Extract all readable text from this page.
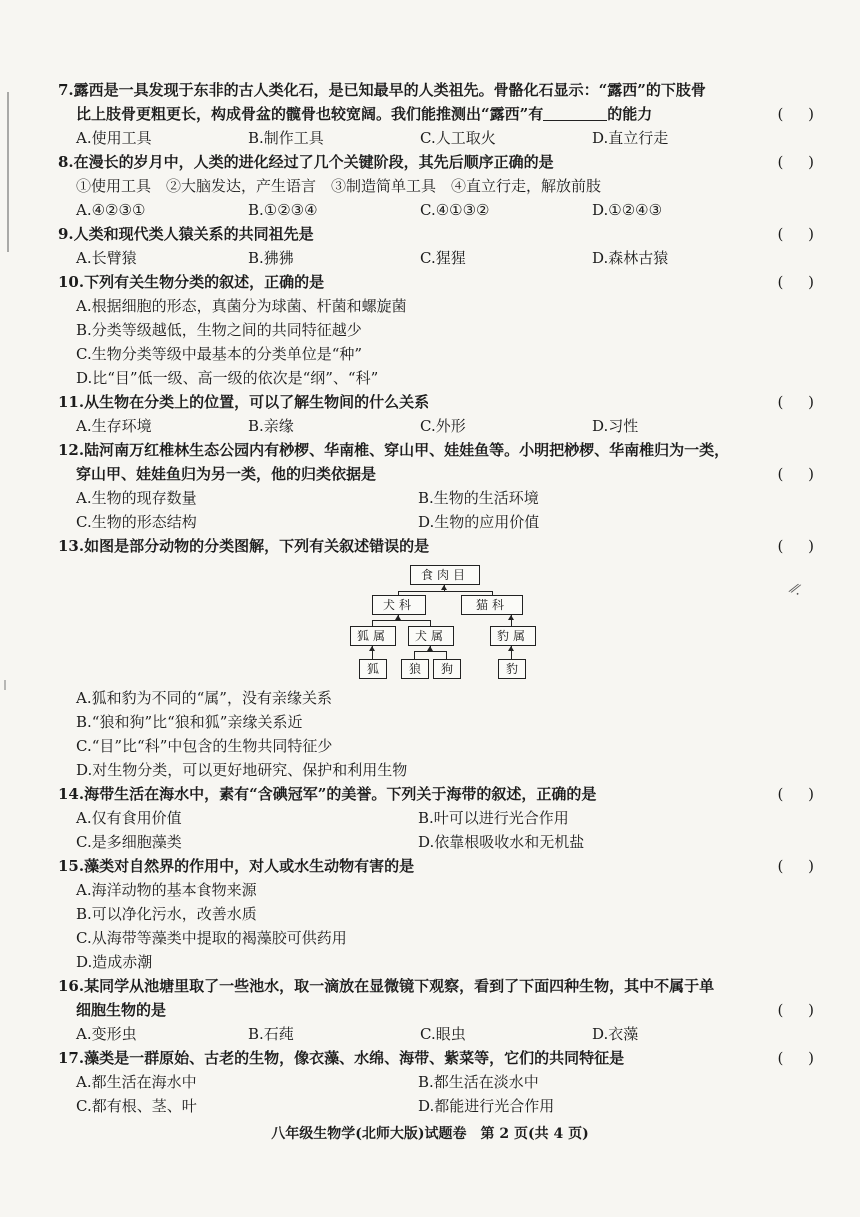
7.露西是一具发现于东非的古人类化石，是已知最早的人类祖先。骨骼化石显示：“露西”的下肢骨
比上肢骨更粗更长，构成骨盆的髋骨也较宽阔。我们能推测出“露西”有	的能力	( )
A.使用工具	B.制作工具	C.人工取火	D.直立行走
8.在漫长的岁月中，人类的进化经过了几个关键阶段，其先后顺序正确的是	( )
①使用工具　②大脑发达，产生语言　③制造简单工具　④直立行走，解放前肢
A.④②③①	B.①②③④	C.④①③②	D.①②④③
9.人类和现代类人猿关系的共同祖先是	( )
A.长臂猿	B.狒狒	C.猩猩	D.森林古猿
10.下列有关生物分类的叙述，正确的是	( )
A.根据细胞的形态，真菌分为球菌、杆菌和螺旋菌
B.分类等级越低，生物之间的共同特征越少
C.生物分类等级中最基本的分类单位是“种”
D.比“目”低一级、高一级的依次是“纲”、“科”
11.从生物在分类上的位置，可以了解生物间的什么关系	( )
A.生存环境	B.亲缘	C.外形	D.习性
12.陆河南万红椎林生态公园内有桫椤、华南椎、穿山甲、娃娃鱼等。小明把桫椤、华南椎归为一类，
穿山甲、娃娃鱼归为另一类，他的归类依据是	( )
A.生物的现存数量	B.生物的生活环境
C.生物的形态结构	D.生物的应用价值
13.如图是部分动物的分类图解，下列有关叙述错误的是	( )
食肉目
犬科	猫科
狐属	犬属	豹属
狐	狼	狗	豹
A.狐和豹为不同的“属”，没有亲缘关系
B.“狼和狗”比“狼和狐”亲缘关系近
C.“目”比“科”中包含的生物共同特征少
D.对生物分类，可以更好地研究、保护和利用生物
14.海带生活在海水中，素有“含碘冠军”的美誉。下列关于海带的叙述，正确的是	( )
A.仅有食用价值	B.叶可以进行光合作用
C.是多细胞藻类	D.依靠根吸收水和无机盐
15.藻类对自然界的作用中，对人或水生动物有害的是	( )
A.海洋动物的基本食物来源
B.可以净化污水，改善水质
C.从海带等藻类中提取的褐藻胶可供药用
D.造成赤潮
16.某同学从池塘里取了一些池水，取一滴放在显微镜下观察，看到了下面四种生物，其中不属于单
细胞生物的是	( )
A.变形虫	B.石莼	C.眼虫	D.衣藻
17.藻类是一群原始、古老的生物，像衣藻、水绵、海带、紫菜等，它们的共同特征是	( )
A.都生活在海水中	B.都生活在淡水中
C.都有根、茎、叶	D.都能进行光合作用
⁄⁄.
八年级生物学(北师大版)试题卷　第 2 页(共 4 页)
